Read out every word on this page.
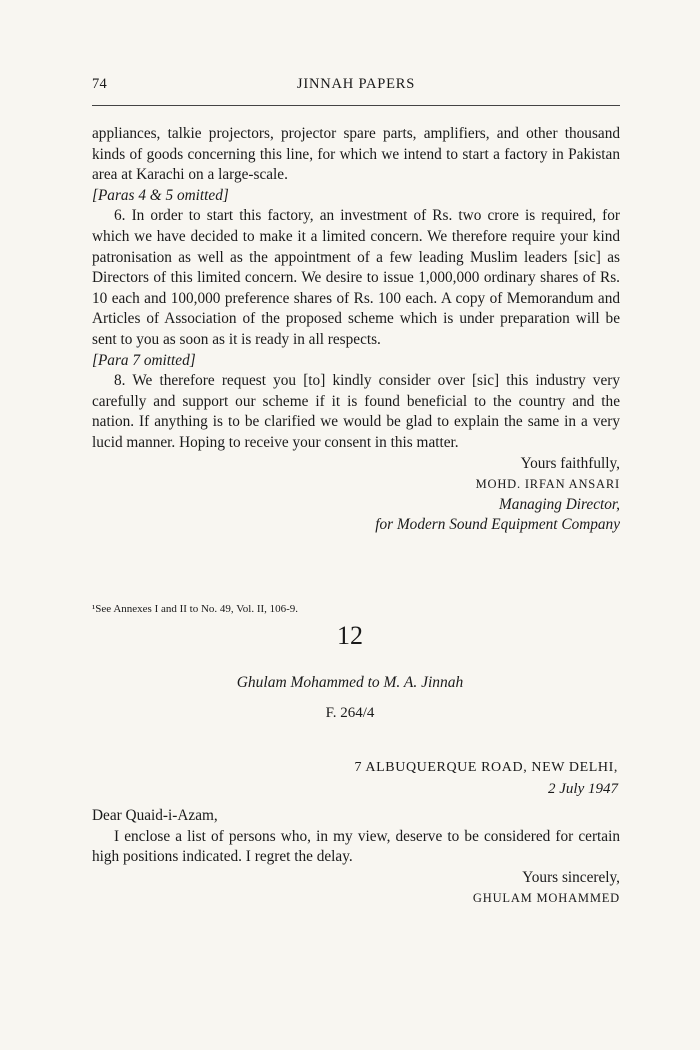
74	JINNAH PAPERS

appliances, talkie projectors, projector spare parts, amplifiers, and other thousand kinds of goods concerning this line, for which we intend to start a factory in Pakistan area at Karachi on a large-scale.

[Paras 4 & 5 omitted]

6. In order to start this factory, an investment of Rs. two crore is required, for which we have decided to make it a limited concern. We therefore require your kind patronisation as well as the appointment of a few leading Muslim leaders [sic] as Directors of this limited concern. We desire to issue 1,000,000 ordinary shares of Rs. 10 each and 100,000 preference shares of Rs. 100 each. A copy of Memorandum and Articles of Association of the proposed scheme which is under preparation will be sent to you as soon as it is ready in all respects.

[Para 7 omitted]

8. We therefore request you [to] kindly consider over [sic] this industry very carefully and support our scheme if it is found beneficial to the country and the nation. If anything is to be clarified we would be glad to explain the same in a very lucid manner. Hoping to receive your consent in this matter.

Yours faithfully,
MOHD. IRFAN ANSARI
Managing Director,
for Modern Sound Equipment Company
¹See Annexes I and II to No. 49, Vol. II, 106-9.
12
Ghulam Mohammed to M. A. Jinnah
F. 264/4
7 ALBUQUERQUE ROAD, NEW DELHI,
2 July 1947

Dear Quaid-i-Azam,

I enclose a list of persons who, in my view, deserve to be considered for certain high positions indicated. I regret the delay.

Yours sincerely,
GHULAM MOHAMMED
